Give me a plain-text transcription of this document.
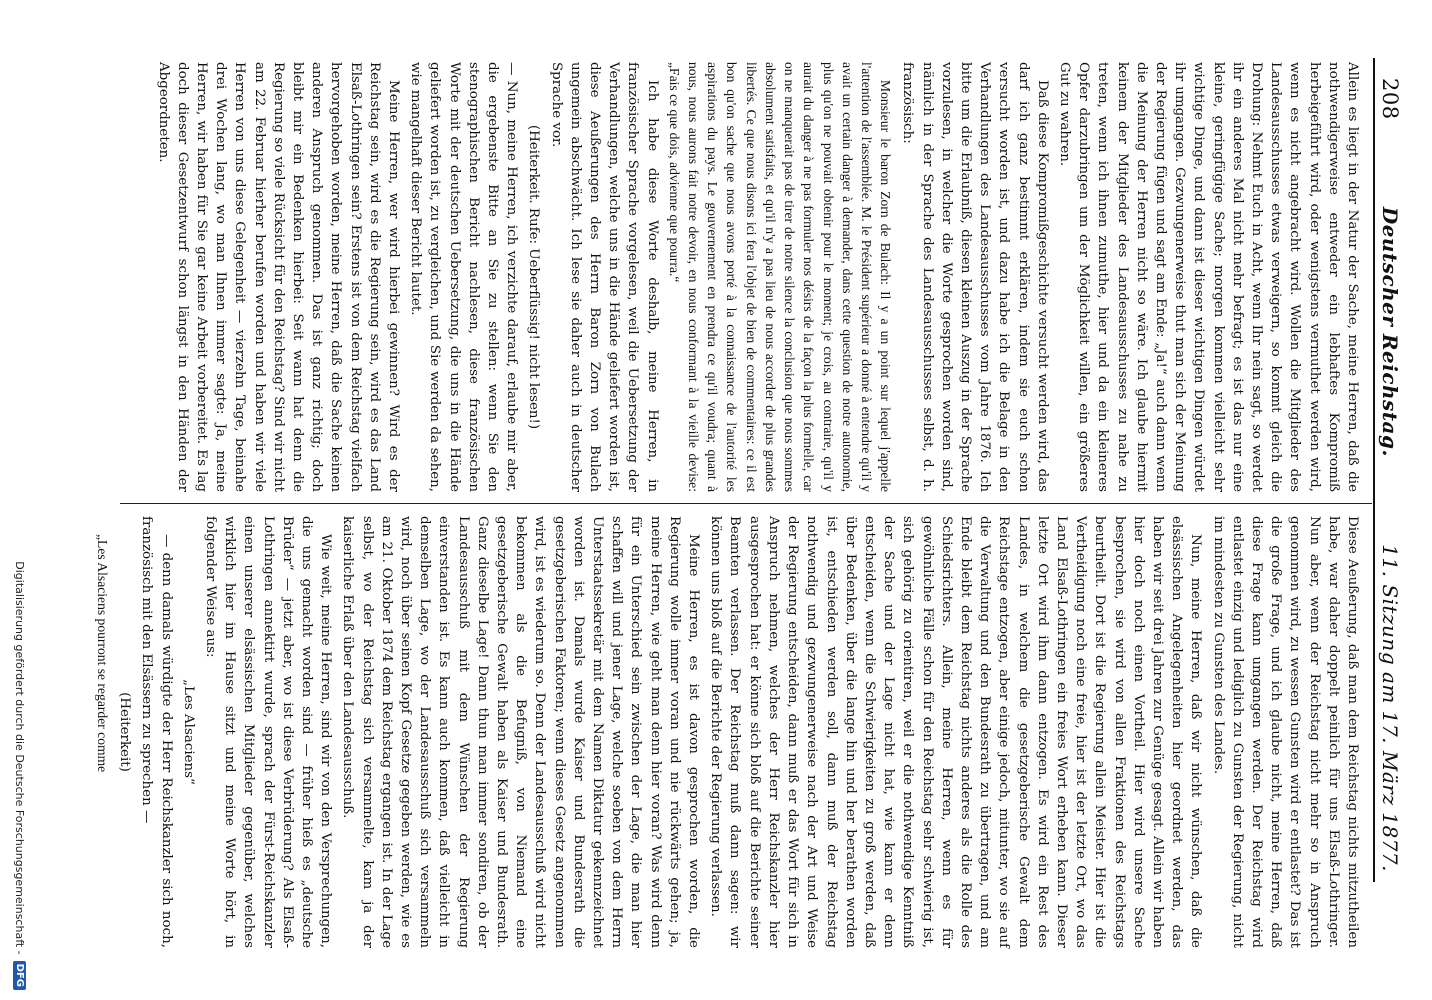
208
Deutscher Reichstag.
11. Sitzung am 17. März 1877.

Allein es liegt in der Natur der Sache, meine Herren, daß die nothwendigerweise entweder ein lebhaftes Kompromiß herbeigeführt wird, oder wenigstens vermuthet werden wird, wenn es nicht angebracht wird. Wollen die Mitglieder des Landesausschusses etwas verweigern, so kommt gleich die Drohung: Nehmt Euch in Acht, wenn Ihr nein sagt, so werdet ihr ein anderes Mal nicht mehr befragt; es ist das nur eine kleine, geringfügige Sache; morgen kommen vielleicht sehr wichtige Dinge, und dann ist dieser wichtigen Dingen würdet ihr umgangen. Gezwungenerweise thut man sich der Meinung der Regierung fügen und sagt am Ende: „Ja!“ auch dann wenn die Meinung der Herren nicht so wäre. Ich glaube hiermit keinem der Mitglieder des Landesausschusses zu nahe zu treten, wenn ich ihnen zumuthe, hier und da ein kleineres Opfer darzubringen um der Möglichkeit willen, ein größeres Gut zu wahren.

Daß diese Kompromißgeschichte versucht werden wird, das darf ich ganz bestimmt erklären, indem sie euch schon versucht worden ist, und dazu habe ich die Belage in den Verhandlungen des Landesausschusses vom Jahre 1876. Ich bitte um die Erlaubniß, diesen kleinen Auszug in der Sprache vorzulesen, in welcher die Worte gesprochen worden sind, nämlich in der Sprache des Landesausschusses selbst, d. h. französisch:

Monsieur le baron Zorn de Bulach: Il y a un point sur lequel j'appelle l'attention de l'assemblée. M. le Président supérieur a donné à entendre qu'il y avait un certain danger à demander, dans cette question de notre autonomie, plus qu'on ne pouvait obtenir pour le moment; je crois, au contraire, qu'il y aurait du danger à ne pas formuler nos désirs de la façon la plus formelle, car on ne manquerait pas de tirer de notre silence la conclusion que nous sommes absolument satisfaits, et qu'il n'y a pas lieu de nous accorder de plus grandes libertés. Ce que nous disons ici fera l'objet de bien de commentaires: ce il est bon qu'on sache que nous avons porté à la connaissance de l'autorité les aspirations du pays. Le gouvernement en prendra ce qu'il voudra; quant à nous, nous aurons fait notre devoir, en nous conformant à la vieille devise: „Fais ce que dois, advienne que pourra.“

Ich habe diese Worte deshalb, meine Herren, in französischer Sprache vorgelesen, weil die Uebersetzung der Verhandlungen, welche uns in die Hände geliefert worden ist, diese Aeußerungen des Herrn Baron Zorn von Bulach ungemein abschwächt. Ich lese sie daher auch in deutscher Sprache vor.

(Heiterkeit. Rufe: Ueberflüssig! nicht lesen!)

— Nun, meine Herren, ich verzichte darauf, erlaube mir aber, die ergebenste Bitte an Sie zu stellen: wenn Sie den stenographischen Bericht nachlesen, diese französischen Worte mit der deutschen Uebersetzung, die uns in die Hände geliefert worden ist, zu vergleichen, und Sie werden da sehen, wie mangelhaft dieser Bericht lautet.

Meine Herren, wer wird hierbei gewinnen? Wird es der Reichstag sein, wird es die Regierung sein, wird es das Land Elsaß-Lothringen sein? Erstens ist von dem Reichstag vielfach hervorgehoben worden, meine Herren, daß die Sache keinen anderen Anspruch genommen. Das ist ganz richtig; doch bleibt mir ein Bedenken hierbei: Seit wann hat denn die Regierung so viele Rücksicht für den Reichstag? Sind wir nicht am 22. Februar hierher berufen worden und haben wir viele Herren von uns diese Gelegenheit — vierzehn Tage, beinahe drei Wochen lang, wo man Ihnen immer sagte: Ja, meine Herren, wir haben für Sie gar keine Arbeit vorbereitet. Es lag doch dieser Gesetzentwurf schon längst in den Händen der Abgeordneten.

Diese Aeußerung, daß man dem Reichstag nichts mitzutheilen habe, war daher doppelt peinlich für uns Elsaß-Lothringer. Nun aber, wenn der Reichstag nicht mehr so in Anspruch genommen wird, zu wessen Gunsten wird er entlastet? Das ist die große Frage, und ich glaube nicht, meine Herren, daß diese Frage kann umgangen werden. Der Reichstag wird entlastet einzig und lediglich zu Gunsten der Regierung, nicht im mindesten zu Gunsten des Landes.

Nun, meine Herren, daß wir nicht wünschen, daß die elsässischen Angelegenheiten hier geordnet werden, das haben wir seit drei Jahren zur Genüge gesagt. Allein wir haben hier doch noch einen Vortheil. Hier wird unsere Sache besprochen, sie wird von allen Fraktionen des Reichstags beurtheilt. Dort ist die Regierung allein Meister. Hier ist die Vertheidigung noch eine freie, hier ist der letzte Ort, wo das Land Elsaß-Lothringen ein freies Wort erheben kann. Dieser letzte Ort wird ihm dann entzogen. Es wird ein Rest des Landes, in welchem die gesetzgeberische Gewalt dem Reichstage entzogen, aber einige jedoch, mitunter, wo sie auf die Verwaltung und den Bundesrath zu übertragen, und am Ende bleibt dem Reichstag nichts anderes als die Rolle des Schiedsrichters. Allein, meine Herren, wenn es für gewöhnliche Fälle schon für den Reichstag sehr schwierig ist, sich gehörig zu orientiren, weil er die nothwendige Kenntniß der Sache und der Lage nicht hat, wie kann er denn entscheiden, wenn die Schwierigkeiten zu groß werden, daß über Bedenken, über die lange hin und her berathen worden ist, entschieden werden soll, dann muß der Reichstag nothwendig und gezwungenerweise nach der Art und Weise der Regierung entscheiden, dann muß er das Wort für sich in Anspruch nehmen, welches der Herr Reichskanzler hier ausgesprochen hat: er könne sich bloß auf die Berichte seiner Beamten verlassen. Der Reichstag muß dann sagen: wir können uns bloß auf die Berichte der Regierung verlassen.

Meine Herren, es ist davon gesprochen worden, die Regierung wolle immer voran und nie rückwärts gehen; ja, meine Herren, wie geht man denn hier voran? Was wird denn für ein Unterschied sein zwischen der Lage, die man hier schaffen will und jener Lage, welche soeben von dem Herrn Unterstaatssekretär mit dem Namen Diktatur gekennzeichnet worden ist. Damals wurde Kaiser und Bundesrath die gesetzgeberischen Faktoren; wenn dieses Gesetz angenommen wird, ist es wiederum so. Denn der Landesausschuß wird nicht bekommen als die Befugniß, von Niemand eine gesetzgeberische Gewalt haben als Kaiser und Bundesrath. Ganz dieselbe Lage! Dann thun man immer sondiren, ob der Landesausschuß mit dem Wünschen der Regierung einverstanden ist. Es kann auch kommen, daß vielleicht in demselben Lage, wo der Landesausschuß sich versammeln wird, noch über seinen Kopf Gesetze gegeben werden, wie es am 21. Oktober 1874 dem Reichstag ergangen ist. In der Lage selbst, wo der Reichstag sich versammelte, kam ja der kaiserliche Erlaß über den Landesausschuß.

Wie weit, meine Herren, sind wir von den Versprechungen, die uns gemacht worden sind — früher hieß es „deutsche Brüder“ — jetzt aber, wo ist diese Verbrüderung? Als Elsaß-Lothringen annektirt wurde, sprach der Fürst-Reichskanzler einen unserer elsässischen Mitglieder gegenüber, welches wirklich hier im Hause sitzt und meine Worte hört, in folgender Weise aus:

„Les Alsaciens“

— denn damals würdigte der Herr Reichskanzler sich noch, französisch mit den Elsässern zu sprechen —

(Heiterkeit)

„Les Alsaciens pourront se regarder comme

Digitalisierung gefördert durch die Deutsche Forschungsgemeinschaft -
DFG
